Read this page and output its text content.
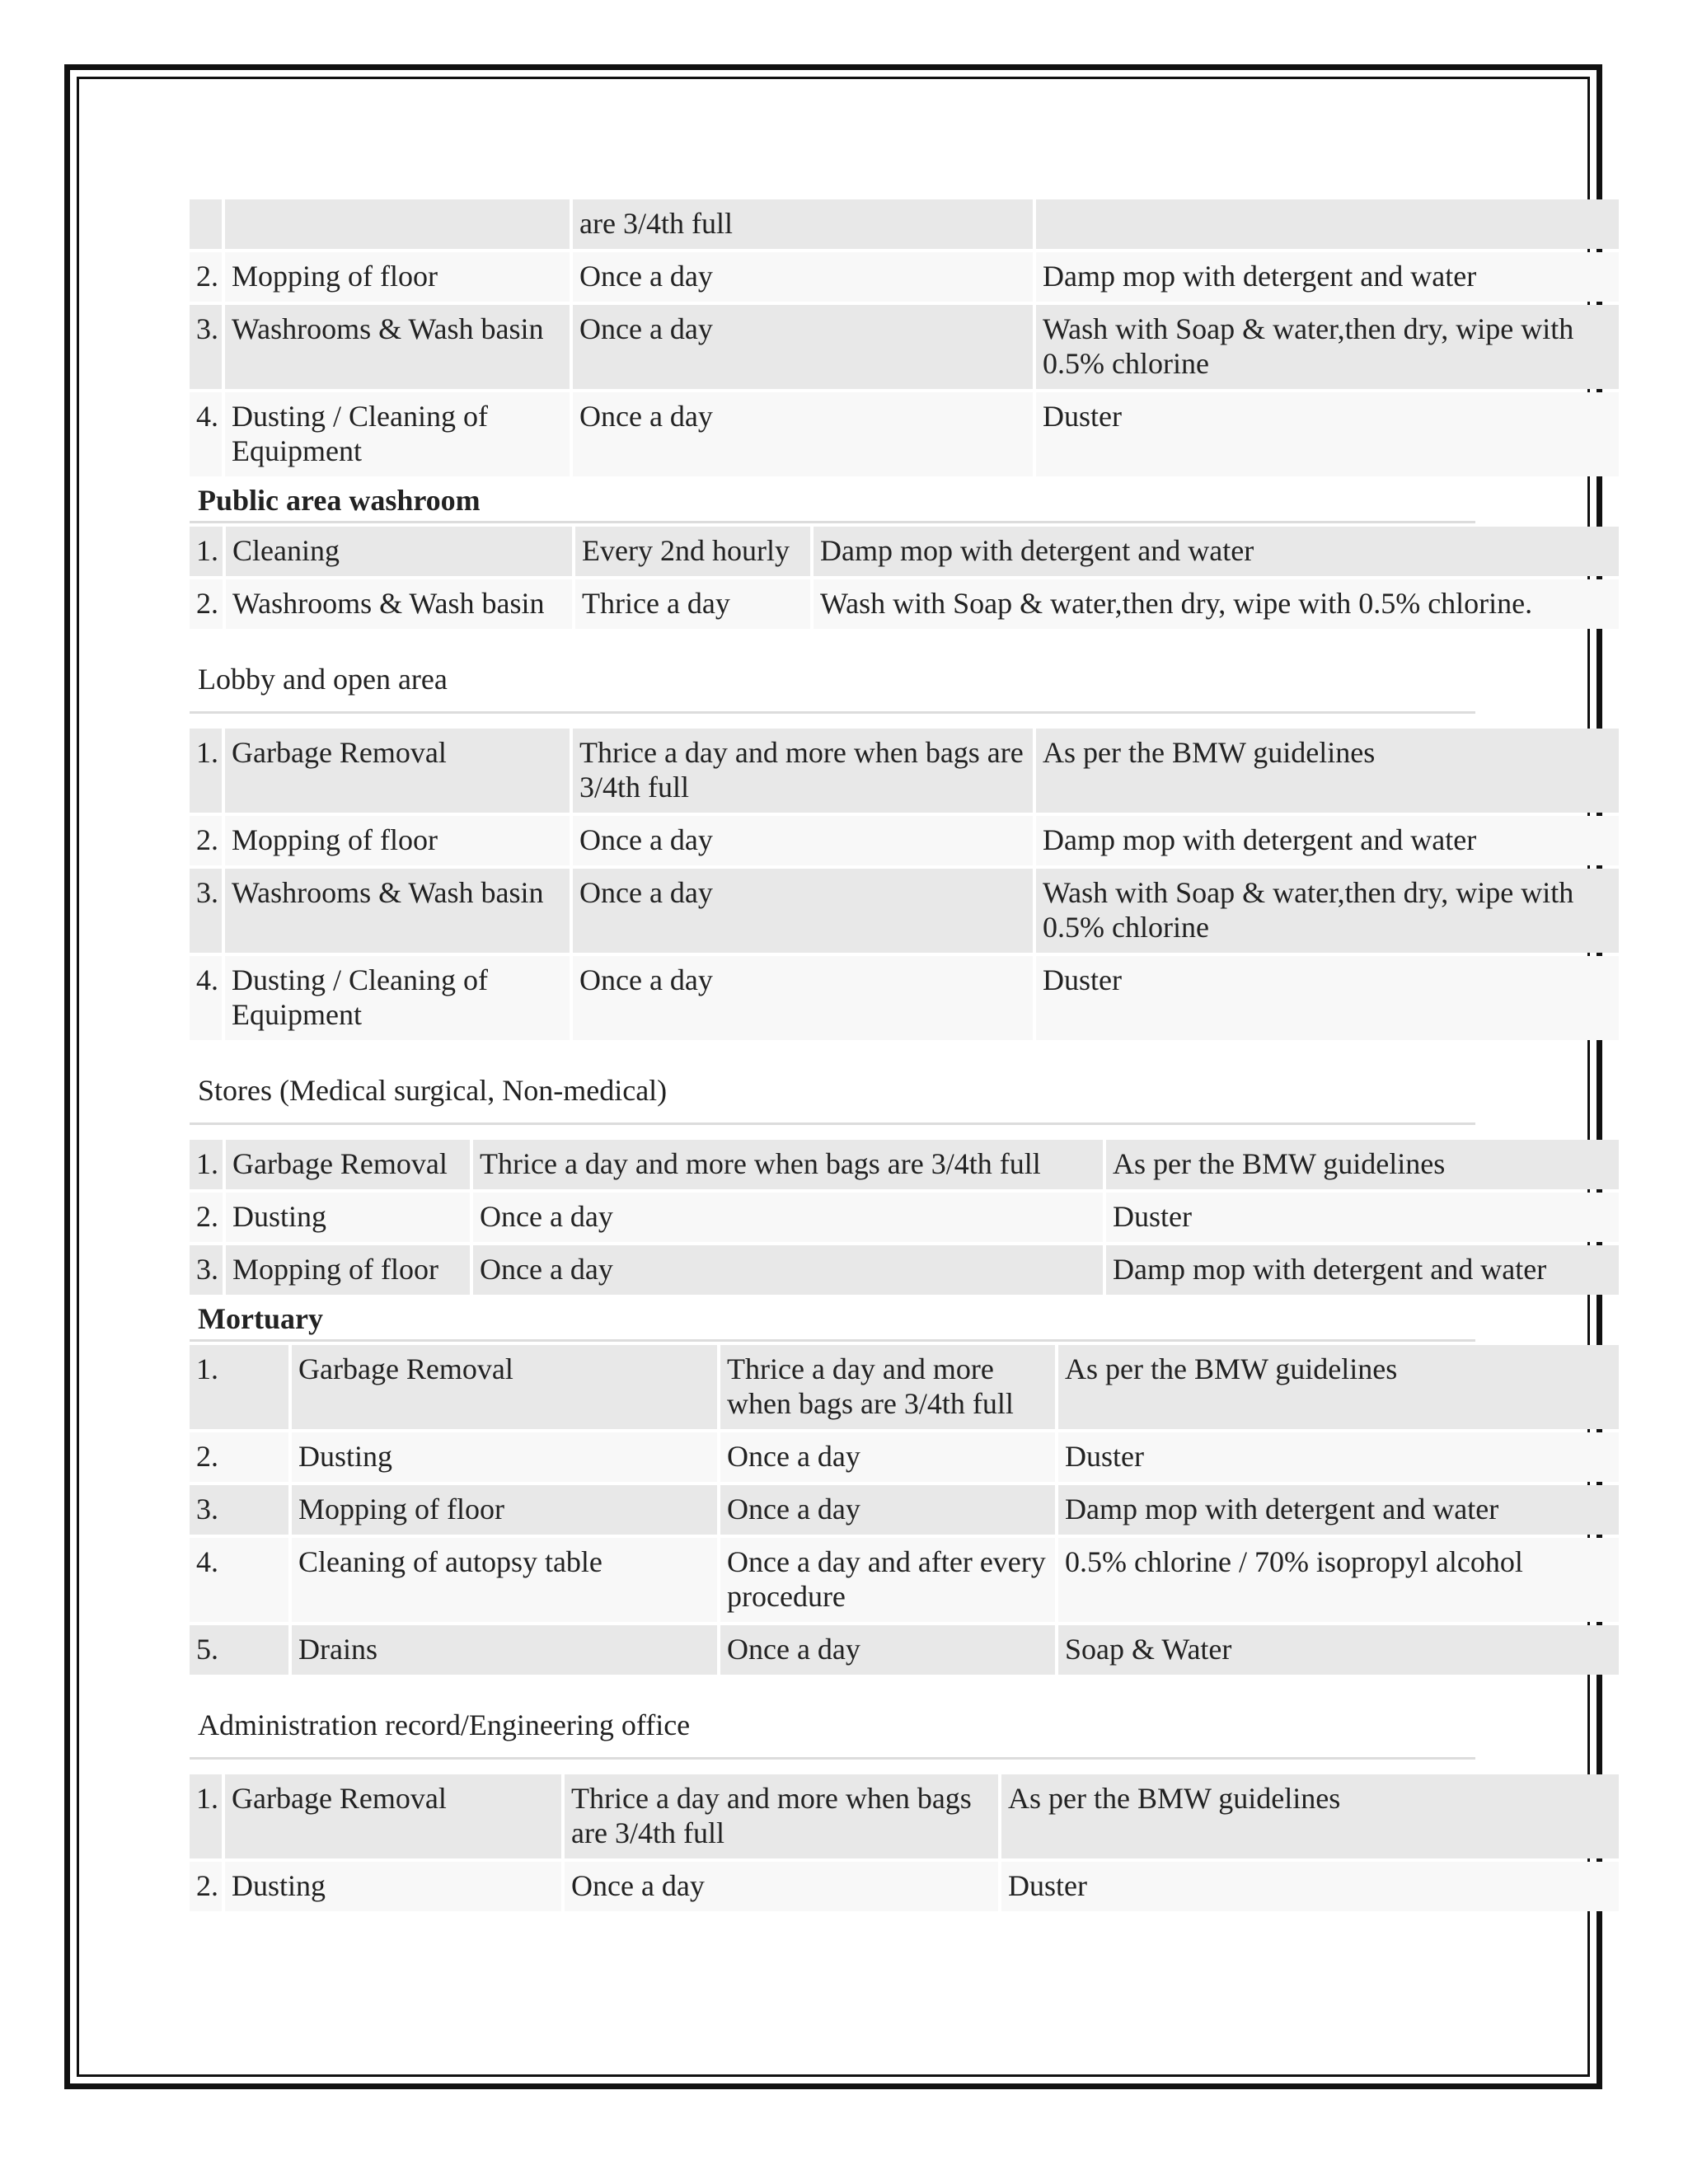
		are 3/4th full	
2.	Mopping of floor	Once a day	Damp mop with detergent and water
3.	Washrooms & Wash basin	Once a day	Wash with Soap & water,then dry, wipe with 0.5% chlorine
4.	Dusting / Cleaning of Equipment	Once a day	Duster
Public area washroom
1.	Cleaning	Every 2nd hourly	Damp mop with detergent and water
2.	Washrooms & Wash basin	Thrice a day	Wash with Soap & water,then dry, wipe with 0.5% chlorine.
Lobby and open area
1.	Garbage Removal	Thrice a day and more when bags are 3/4th full	As per the BMW guidelines
2.	Mopping of floor	Once a day	Damp mop with detergent and water
3.	Washrooms & Wash basin	Once a day	Wash with Soap & water,then dry, wipe with 0.5% chlorine
4.	Dusting / Cleaning of Equipment	Once a day	Duster
Stores (Medical surgical, Non-medical)
1.	Garbage Removal	Thrice a day and more when bags are 3/4th full	As per the BMW guidelines
2.	Dusting	Once a day	Duster
3.	Mopping of floor	Once a day	Damp mop with detergent and water
Mortuary
1.	Garbage Removal	Thrice a day and more when bags are 3/4th full	As per the BMW guidelines
2.	Dusting	Once a day	Duster
3.	Mopping of floor	Once a day	Damp mop with detergent and water
4.	Cleaning of autopsy table	Once a day and after every procedure	0.5% chlorine / 70% isopropyl alcohol
5.	Drains	Once a day	Soap & Water
Administration record/Engineering office
1.	Garbage Removal	Thrice a day and more when bags are 3/4th full	As per the BMW guidelines
2.	Dusting	Once a day	Duster
